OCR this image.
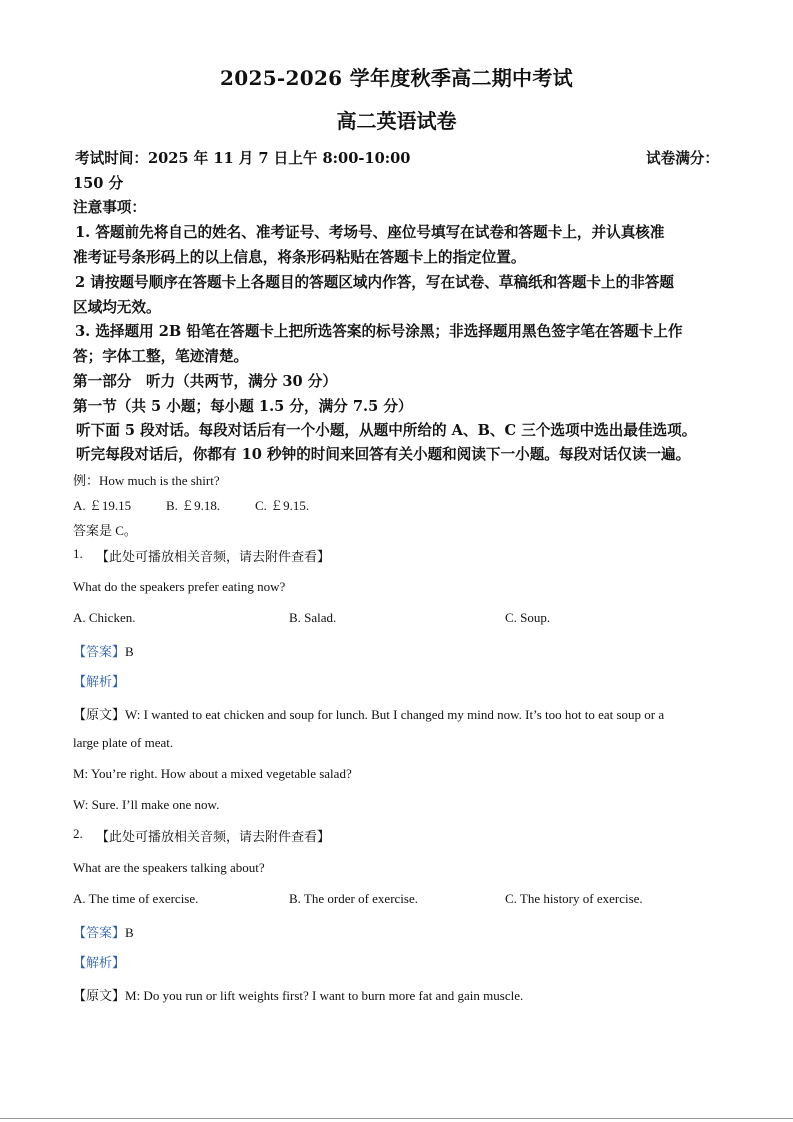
2025-2026 学年度秋季高二期中考试
高二英语试卷
考试时间：2025 年 11 月 7 日上午 8:00-10:00	试卷满分：
150 分
注意事项：
1. 答题前先将自己的姓名、准考证号、考场号、座位号填写在试卷和答题卡上，并认真核准
准考证号条形码上的以上信息，将条形码粘贴在答题卡上的指定位置。
2 请按题号顺序在答题卡上各题目的答题区域内作答，写在试卷、草稿纸和答题卡上的非答题
区域均无效。
3. 选择题用 2B 铅笔在答题卡上把所选答案的标号涂黑；非选择题用黑色签字笔在答题卡上作
答；字体工整，笔迹清楚。
第一部分　听力（共两节，满分 30 分）
第一节（共 5 小题；每小题 1.5 分，满分 7.5 分）
听下面 5 段对话。每段对话后有一个小题，从题中所给的 A、B、C 三个选项中选出最佳选项。
听完每段对话后，你都有 10 秒钟的时间来回答有关小题和阅读下一小题。每段对话仅读一遍。
例：How much is the shirt?
A. ￡19.15	B. ￡9.18.	C. ￡9.15.
答案是 C。
1. 【此处可播放相关音频，请去附件查看】
What do the speakers prefer eating now?
A. Chicken.	B. Salad.	C. Soup.
【答案】B
【解析】
【原文】W: I wanted to eat chicken and soup for lunch. But I changed my mind now. It’s too hot to eat soup or a
large plate of meat.
M: You’re right. How about a mixed vegetable salad?
W: Sure. I’ll make one now.
2. 【此处可播放相关音频，请去附件查看】
What are the speakers talking about?
A. The time of exercise.	B. The order of exercise.	C. The history of exercise.
【答案】B
【解析】
【原文】M: Do you run or lift weights first? I want to burn more fat and gain muscle.
